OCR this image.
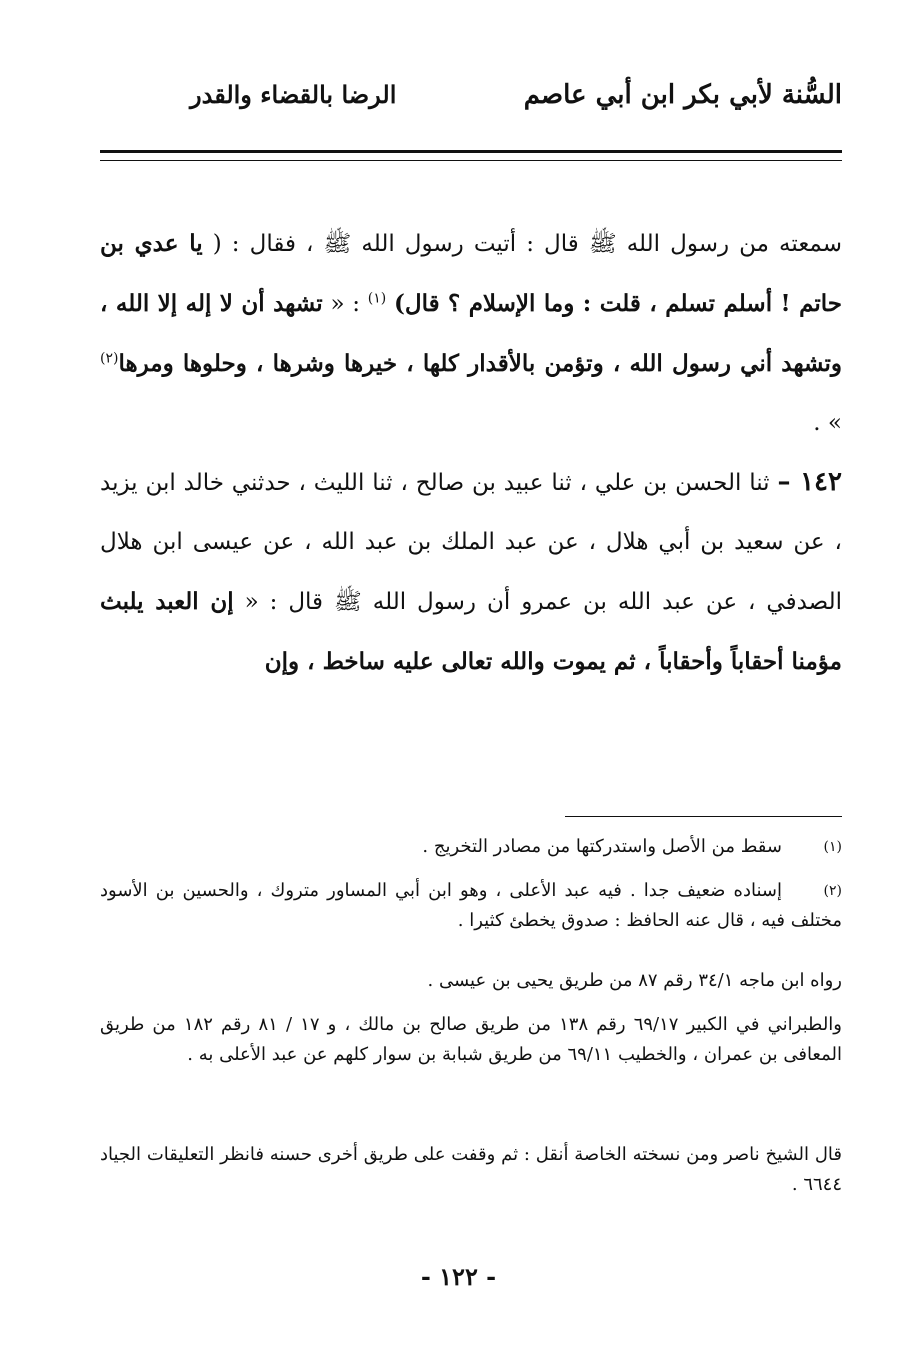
السُّنة لأبي بكر ابن أبي عاصم
الرضا بالقضاء والقدر

سمعته من رسول الله ﷺ قال : أتيت رسول الله ﷺ ، فقال : ( يا عدي بن حاتم ! أسلم تسلم ، قلت : وما الإسلام ؟ قال) $^{(١)}$ : « تشهد أن لا إله إلا الله ، وتشهد أني رسول الله ، وتؤمن بالأقدار كلها ، خيرها وشرها ، وحلوها ومرها$^{(٢)}$ » .

١٤٢ – ثنا الحسن بن علي ، ثنا عبيد بن صالح ، ثنا الليث ، حدثني خالد ابن يزيد ، عن سعيد بن أبي هلال ، عن عبد الملك بن عبد الله ، عن عيسى ابن هلال الصدفي ، عن عبد الله بن عمرو أن رسول الله ﷺ قال : « إن العبد يلبث مؤمنا أحقاباً وأحقاباً ، ثم يموت والله تعالى عليه ساخط ، وإن

(١)
سقط من الأصل واستدركتها من مصادر التخريج .
(٢)
إسناده ضعيف جدا . فيه عبد الأعلى ، وهو ابن أبي المساور متروك ، والحسين بن الأسود مختلف فيه ، قال عنه الحافظ : صدوق يخطئ كثيرا .
رواه ابن ماجه ٣٤/١ رقم ٨٧ من طريق يحيى بن عيسى .
والطبراني في الكبير ٦٩/١٧ رقم ١٣٨ من طريق صالح بن مالك ، و ١٧ / ٨١ رقم ١٨٢ من طريق المعافى بن عمران ، والخطيب ٦٩/١١ من طريق شبابة بن سوار كلهم عن عبد الأعلى به .
قال الشيخ ناصر ومن نسخته الخاصة أنقل : ثم وقفت على طريق أخرى حسنه فانظر التعليقات الجياد ٦٦٤٤ .
- ١٢٢ -
